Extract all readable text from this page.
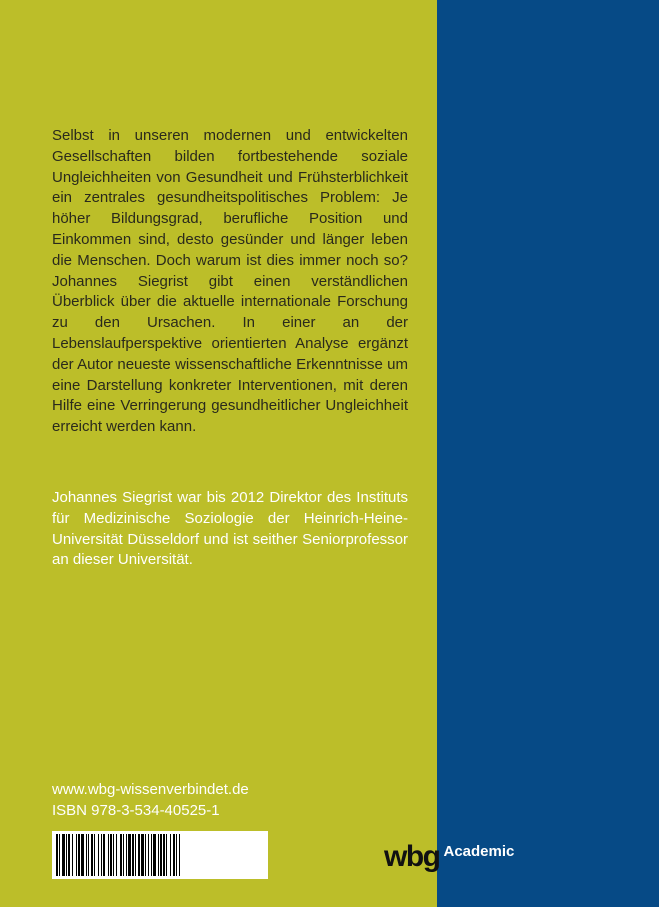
Selbst in unseren modernen und entwickelten Gesellschaften bilden fortbestehende soziale Ungleichheiten von Gesundheit und Frühsterblichkeit ein zentrales gesundheitspolitisches Problem: Je höher Bildungsgrad, berufliche Position und Einkommen sind, desto gesünder und länger leben die Menschen. Doch warum ist dies immer noch so? Johannes Siegrist gibt einen verständlichen Überblick über die aktuelle internationale Forschung zu den Ursachen. In einer an der Lebenslaufperspektive orientierten Analyse ergänzt der Autor neueste wissenschaftliche Erkenntnisse um eine Darstellung konkreter Interventionen, mit deren Hilfe eine Verringerung gesundheitlicher Ungleichheit erreicht werden kann.

Johannes Siegrist war bis 2012 Direktor des Instituts für Medizinische Soziologie der Heinrich-Heine-Universität Düsseldorf und ist seither Seniorprofessor an dieser Universität.

www.wbg-wissenverbindet.de
ISBN 978-3-534-40525-1
wbg Academic
